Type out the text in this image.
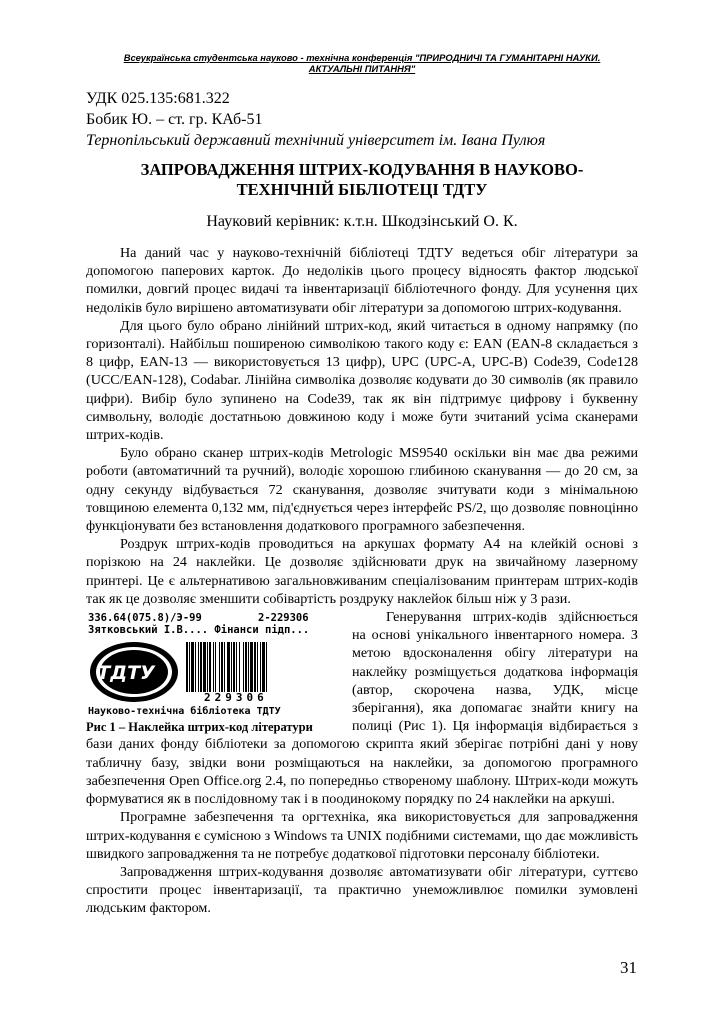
Всеукраїнська студентська науково - технічна конференція "ПРИРОДНИЧІ ТА ГУМАНІТАРНІ НАУКИ.
АКТУАЛЬНІ ПИТАННЯ"
УДК 025.135:681.322
Бобик Ю. – ст. гр. КАб-51
Тернопільський державний технічний університет ім. Івана Пулюя
ЗАПРОВАДЖЕННЯ ШТРИХ-КОДУВАННЯ В НАУКОВО-
ТЕХНІЧНІЙ БІБЛІОТЕЦІ ТДТУ
Науковий керівник: к.т.н. Шкодзінський О. К.

На даний час у науково-технічній бібліотеці ТДТУ ведеться обіг літератури за допомогою паперових карток. До недоліків цього процесу відносять фактор людської помилки, довгий процес видачі та інвентаризації бібліотечного фонду. Для усунення цих недоліків було вирішено автоматизувати обіг літератури за допомогою штрих-кодування.

Для цього було обрано лінійний штрих-код, який читається в одному напрямку (по горизонталі). Найбільш поширеною символікою такого коду є: EAN (EAN-8 складається з 8 цифр, EAN-13 — використовується 13 цифр), UPC (UPC-A, UPC-B) Code39, Code128 (UCC/EAN-128), Codabar. Лінійна символіка дозволяє кодувати до 30 символів (як правило цифри). Вибір було зупинено на Code39, так як він підтримує цифрову і буквенну символьну, володіє достатньою довжиною коду і може бути зчитаний усіма сканерами штрих-кодів.

Було обрано сканер штрих-кодів Metrologic MS9540 оскільки він має два режими роботи (автоматичний та ручний), володіє хорошою глибиною сканування — до 20 см, за одну секунду відбувається 72 сканування, дозволяє зчитувати коди з мінімальною товщиною елемента 0,132 мм, під'єднується через інтерфейс PS/2, що дозволяє повноцінно функціонувати без встановлення додаткового програмного забезпечення.

Роздрук штрих-кодів проводиться на аркушах формату А4 на клейкій основі з порізкою на 24 наклейки. Це дозволяє здійснювати друк на звичайному лазерному принтері. Це є альтернативою загальновживаним спеціалізованим принтерам штрих-кодів так як це дозволяє зменшити собівартість роздруку наклейок більш ніж у 3 рази.

336.64(075.8)/Э-99	2-229306
Зятковський І.В.... Фінанси підп...
ТДТУ
229306
Науково-технічна бібліотека ТДТУ
Рис 1 – Наклейка штрих-код літератури

Генерування штрих-кодів здійснюється на основі унікального інвентарного номера. З метою вдосконалення обігу літератури на наклейку розміщується додаткова інформація (автор, скорочена назва, УДК, місце зберігання), яка допомагає знайти книгу на полиці (Рис 1). Ця інформація відбирається з бази даних фонду бібліотеки за допомогою скрипта який зберігає потрібні дані у нову табличну базу, звідки вони розміщаються на наклейки, за допомогою програмного забезпечення Open Office.org 2.4, по попередньо створеному шаблону. Штрих-коди можуть формуватися як в послідовному так і в поодинокому порядку по 24 наклейки на аркуші.

Програмне забезпечення та оргтехніка, яка використовується для запровадження штрих-кодування є сумісною з Windows та UNIX подібними системами, що дає можливість швидкого запровадження та не потребує додаткової підготовки персоналу бібліотеки.

Запровадження штрих-кодування дозволяє автоматизувати обіг літератури, суттєво спростити процес інвентаризації, та практично унеможливлює помилки зумовлені людським фактором.

31
